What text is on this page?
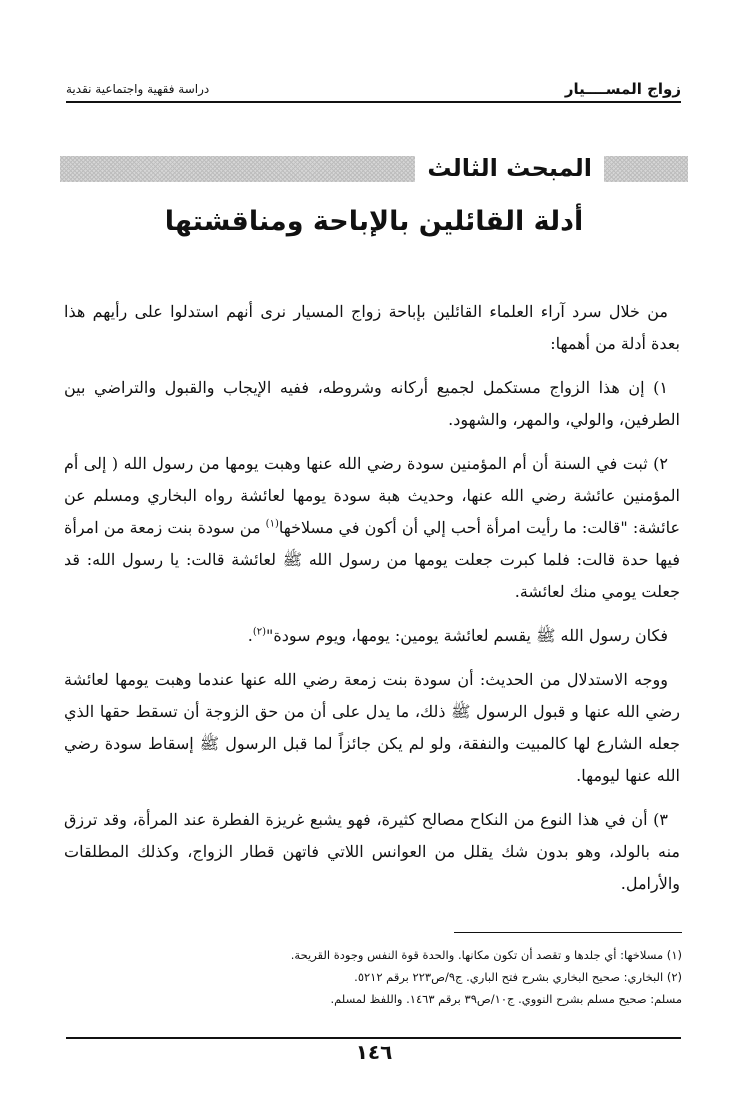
زواج المســــيار
دراسة فقهية واجتماعية نقدية
المبحث الثالث
أدلة القائلين بالإباحة ومناقشتها

من خلال سرد آراء العلماء القائلين بإباحة زواج المسيار نرى أنهم استدلوا على رأيهم هذا بعدة أدلة من أهمها:

١) إن هذا الزواج مستكمل لجميع أركانه وشروطه، ففيه الإيجاب والقبول والتراضي بين الطرفين، والولي، والمهر، والشهود.

٢) ثبت في السنة أن أم المؤمنين سودة رضي الله عنها وهبت يومها من رسول الله ( إلى أم المؤمنين عائشة رضي الله عنها، وحديث هبة سودة يومها لعائشة رواه البخاري ومسلم عن عائشة: "قالت: ما رأيت امرأة أحب إلي أن أكون في مسلاخها$^{(١)}$ من سودة بنت زمعة من امرأة فيها حدة قالت: فلما كبرت جعلت يومها من رسول الله ﷺ لعائشة قالت: يا رسول الله: قد جعلت يومي منك لعائشة.

فكان رسول الله ﷺ يقسم لعائشة يومين: يومها، ويوم سودة"$^{(٢)}$.

ووجه الاستدلال من الحديث: أن سودة بنت زمعة رضي الله عنها عندما وهبت يومها لعائشة رضي الله عنها و قبول الرسول ﷺ ذلك، ما يدل على أن من حق الزوجة أن تسقط حقها الذي جعله الشارع لها كالمبيت والنفقة، ولو لم يكن جائزاً لما قبل الرسول ﷺ إسقاط سودة رضي الله عنها ليومها.

٣) أن في هذا النوع من النكاح مصالح كثيرة، فهو يشبع غريزة الفطرة عند المرأة، وقد ترزق منه بالولد، وهو بدون شك يقلل من العوانس اللاتي فاتهن قطار الزواج، وكذلك المطلقات والأرامل.

(١) مسلاخها: أي جلدها و تقصد أن تكون مكانها. والحدة قوة النفس وجودة القريحة.
(٢) البخاري: صحيح البخاري بشرح فتح الباري. ج٩/ص٢٢٣ برقم ٥٢١٢.
مسلم: صحيح مسلم بشرح النووي. ج١٠/ص٣٩ برقم ١٤٦٣. واللفظ لمسلم.
١٤٦
